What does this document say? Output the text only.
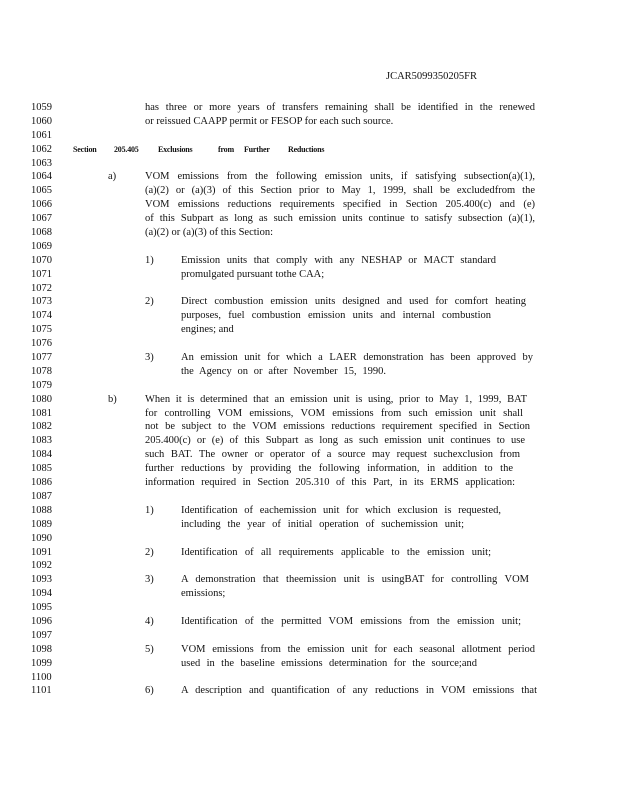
JCAR5099350205FR
1059	has three or more years of transfers remaining shall be identified in the renewed
1060	or reissued CAAPP permit or FESOP for each such source.
1061
1062	Section 205.405 Exclusions	from Further Reductions
1063
1064	a)	VOM emissions from the following emission units, if satisfying subsection(a)(1),
1065	(a)(2) or (a)(3) of this Section prior to May 1, 1999, shall be excludedfrom the
1066	VOM emissions reductions requirements specified in Section 205.400(c) and (e)
1067	of this Subpart as long as such emission units continue to satisfy subsection (a)(1),
1068	(a)(2) or (a)(3) of this Section:
1069
1070	1)	Emission units that comply with any NESHAP or MACT standard
1071	promulgated pursuant tothe CAA;
1072
1073	2)	Direct combustion emission units designed and used for comfort heating
1074	purposes, fuel combustion emission units and internal combustion
1075	engines; and
1076
1077	3)	An emission unit for which a LAER demonstration has been approved by
1078	the Agency on or after November 15, 1990.
1079
1080	b)	When it is determined that an emission unit is using, prior to May 1, 1999, BAT
1081	for controlling VOM emissions, VOM emissions from such emission unit shall
1082	not be subject to the VOM emissions reductions requirement specified in Section
1083	205.400(c) or (e) of this Subpart as long as such emission unit continues to use
1084	such BAT. The owner or operator of a source may request suchexclusion from
1085	further reductions by providing the following information, in addition to the
1086	information required in Section 205.310 of this Part, in its ERMS application:
1087
1088	1)	Identification of eachemission unit for which exclusion is requested,
1089	including the year of initial operation of suchemission unit;
1090
1091	2)	Identification of all requirements applicable to the emission unit;
1092
1093	3)	A demonstration that theemission unit is usingBAT for controlling VOM
1094	emissions;
1095
1096	4)	Identification of the permitted VOM emissions from the emission unit;
1097
1098	5)	VOM emissions from the emission unit for each seasonal allotment period
1099	used in the baseline emissions determination for the source;and
1100
1101	6)	A description and quantification of any reductions in VOM emissions that
